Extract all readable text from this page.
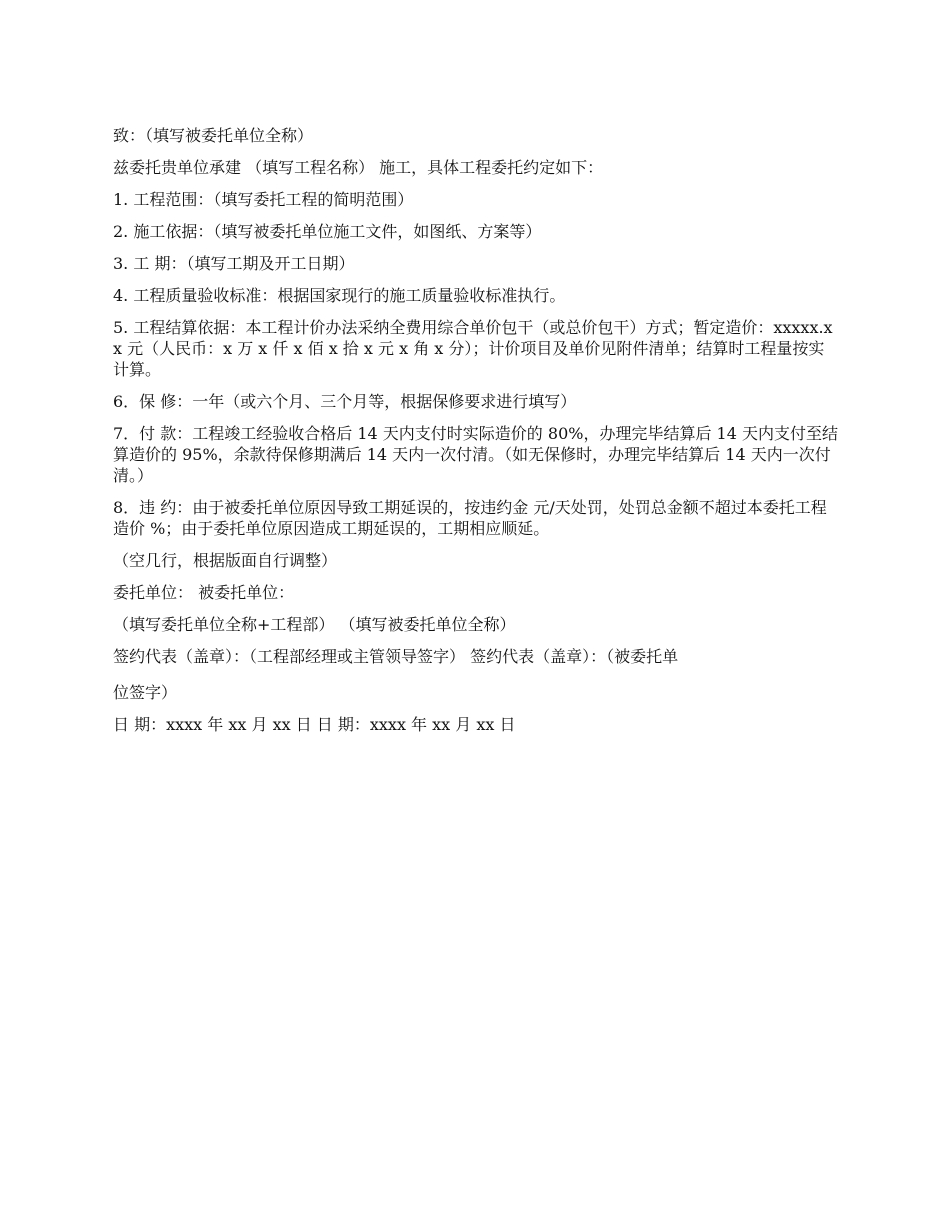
致：（填写被委托单位全称）

兹委托贵单位承建 （填写工程名称） 施工，具体工程委托约定如下：

1. 工程范围：（填写委托工程的简明范围）

2. 施工依据：（填写被委托单位施工文件，如图纸、方案等）

3. 工 期：（填写工期及开工日期）

4. 工程质量验收标准：根据国家现行的施工质量验收标准执行。

5. 工程结算依据：本工程计价办法采纳全费用综合单价包干（或总价包干）方式；暂定造价：xxxxx.xx 元（人民币：x 万 x 仟 x 佰 x 拾 x 元 x 角 x 分）；计价项目及单价见附件清单；结算时工程量按实计算。

6．保 修：一年（或六个月、三个月等，根据保修要求进行填写）

7．付 款：工程竣工经验收合格后 14 天内支付时实际造价的 80%，办理完毕结算后 14 天内支付至结算造价的 95%，余款待保修期满后 14 天内一次付清。（如无保修时，办理完毕结算后 14 天内一次付清。）

8．违 约：由于被委托单位原因导致工期延误的，按违约金 元/天处罚，处罚总金额不超过本委托工程造价 %；由于委托单位原因造成工期延误的，工期相应顺延。

（空几行，根据版面自行调整）

委托单位： 被委托单位：

（填写委托单位全称+工程部） （填写被委托单位全称）

签约代表（盖章）：（工程部经理或主管领导签字） 签约代表（盖章）：（被委托单

位签字）

日 期：xxxx 年 xx 月 xx 日 日 期：xxxx 年 xx 月 xx 日
